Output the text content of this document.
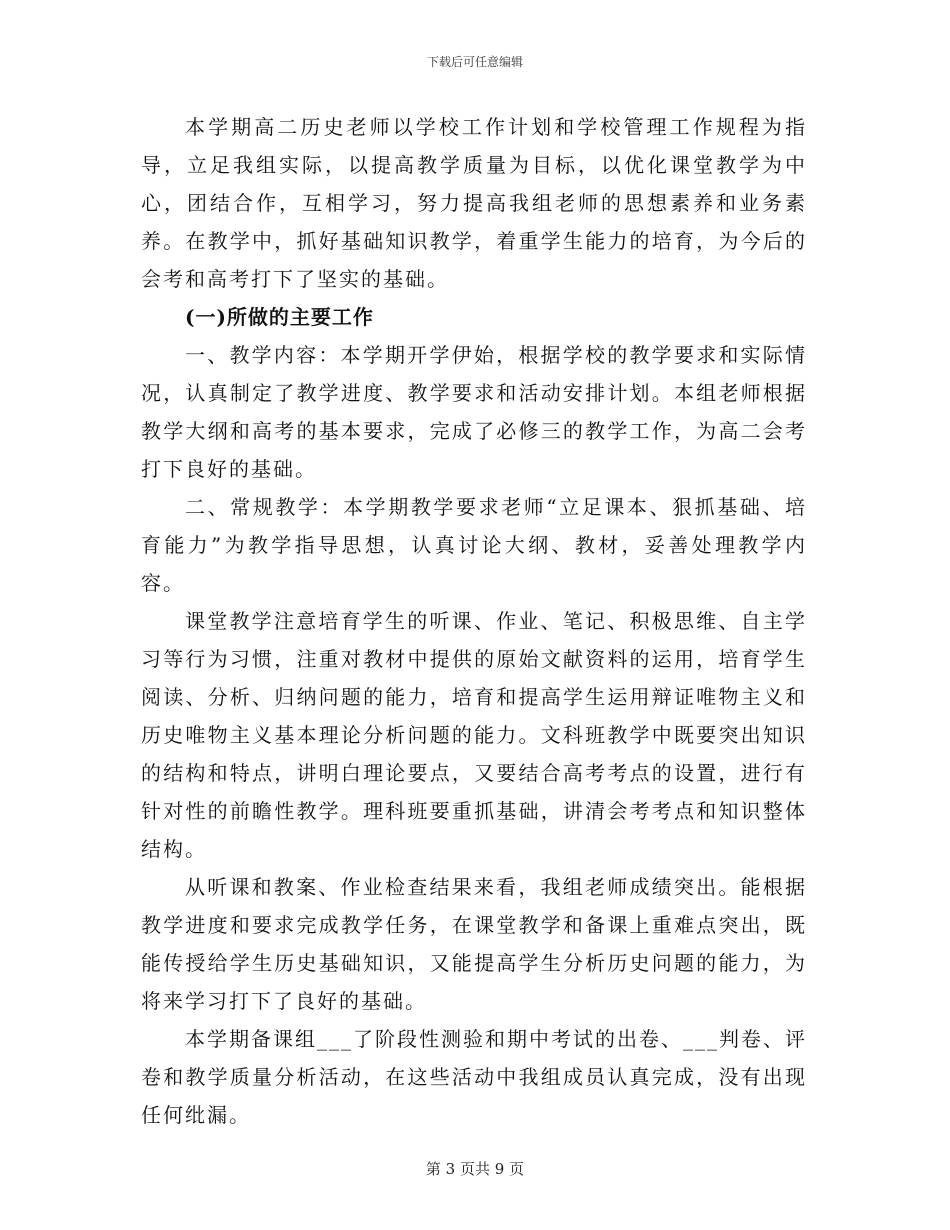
下载后可任意编辑

本学期高二历史老师以学校工作计划和学校管理工作规程为指导，立足我组实际，以提高教学质量为目标，以优化课堂教学为中心，团结合作，互相学习，努力提高我组老师的思想素养和业务素养。在教学中，抓好基础知识教学，着重学生能力的培育，为今后的会考和高考打下了坚实的基础。

(一)所做的主要工作

一、教学内容：本学期开学伊始，根据学校的教学要求和实际情况，认真制定了教学进度、教学要求和活动安排计划。本组老师根据教学大纲和高考的基本要求，完成了必修三的教学工作，为高二会考打下良好的基础。

二、常规教学：本学期教学要求老师“立足课本、狠抓基础、培育能力”为教学指导思想，认真讨论大纲、教材，妥善处理教学内容。

课堂教学注意培育学生的听课、作业、笔记、积极思维、自主学习等行为习惯，注重对教材中提供的原始文献资料的运用，培育学生阅读、分析、归纳问题的能力，培育和提高学生运用辩证唯物主义和历史唯物主义基本理论分析问题的能力。文科班教学中既要突出知识的结构和特点，讲明白理论要点，又要结合高考考点的设置，进行有针对性的前瞻性教学。理科班要重抓基础，讲清会考考点和知识整体结构。

从听课和教案、作业检查结果来看，我组老师成绩突出。能根据教学进度和要求完成教学任务，在课堂教学和备课上重难点突出，既能传授给学生历史基础知识，又能提高学生分析历史问题的能力，为将来学习打下了良好的基础。

本学期备课组___了阶段性测验和期中考试的出卷、___判卷、评卷和教学质量分析活动，在这些活动中我组成员认真完成，没有出现任何纰漏。

第 3 页共 9 页
